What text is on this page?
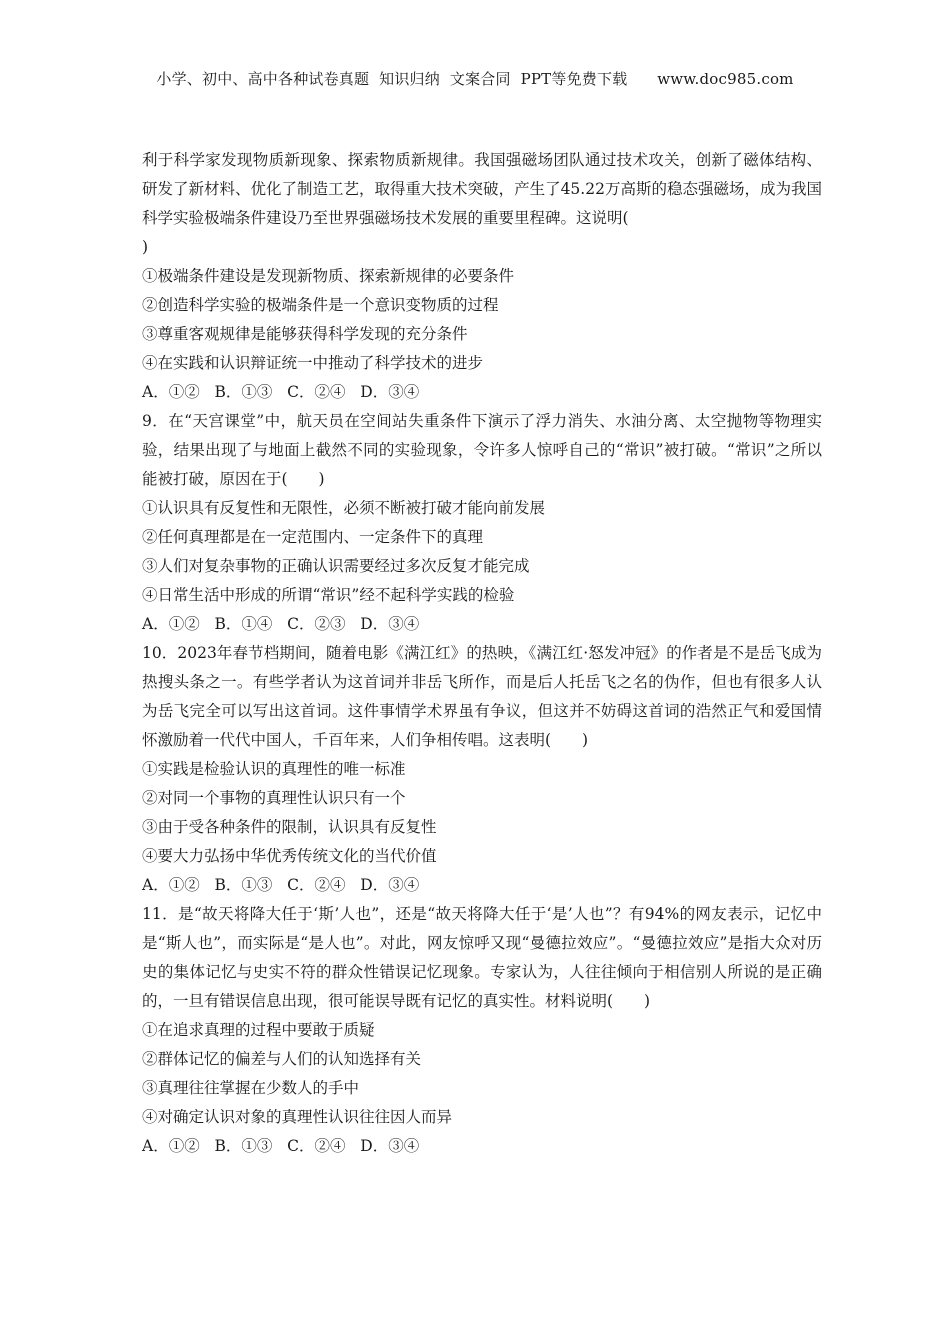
小学、初中、高中各种试卷真题  知识归纳  文案合同  PPT等免费下载      www.doc985.com

利于科学家发现物质新现象、探索物质新规律。我国强磁场团队通过技术攻关，创新了磁体结构、研发了新材料、优化了制造工艺，取得重大技术突破，产生了45.22万高斯的稳态强磁场，成为我国科学实验极端条件建设乃至世界强磁场技术发展的重要里程碑。这说明(

)

①极端条件建设是发现新物质、探索新规律的必要条件

②创造科学实验的极端条件是一个意识变物质的过程

③尊重客观规律是能够获得科学发现的充分条件

④在实践和认识辩证统一中推动了科学技术的进步

A．①②   B．①③   C．②④   D．③④

9．在“天宫课堂”中，航天员在空间站失重条件下演示了浮力消失、水油分离、太空抛物等物理实验，结果出现了与地面上截然不同的实验现象，令许多人惊呼自己的“常识”被打破。“常识”之所以能被打破，原因在于(　　)

①认识具有反复性和无限性，必须不断被打破才能向前发展

②任何真理都是在一定范围内、一定条件下的真理

③人们对复杂事物的正确认识需要经过多次反复才能完成

④日常生活中形成的所谓“常识”经不起科学实践的检验

A．①②   B．①④   C．②③   D．③④

10．2023年春节档期间，随着电影《满江红》的热映，《满江红·怒发冲冠》的作者是不是岳飞成为热搜头条之一。有些学者认为这首词并非岳飞所作，而是后人托岳飞之名的伪作，但也有很多人认为岳飞完全可以写出这首词。这件事情学术界虽有争议，但这并不妨碍这首词的浩然正气和爱国情怀激励着一代代中国人，千百年来，人们争相传唱。这表明(　　)

①实践是检验认识的真理性的唯一标准

②对同一个事物的真理性认识只有一个

③由于受各种条件的限制，认识具有反复性

④要大力弘扬中华优秀传统文化的当代价值

A．①②   B．①③   C．②④   D．③④

11．是“故天将降大任于‘斯’人也”，还是“故天将降大任于‘是’人也”？有94%的网友表示，记忆中是“斯人也”，而实际是“是人也”。对此，网友惊呼又现“曼德拉效应”。“曼德拉效应”是指大众对历史的集体记忆与史实不符的群众性错误记忆现象。专家认为，人往往倾向于相信别人所说的是正确的，一旦有错误信息出现，很可能误导既有记忆的真实性。材料说明(　　)

①在追求真理的过程中要敢于质疑

②群体记忆的偏差与人们的认知选择有关

③真理往往掌握在少数人的手中

④对确定认识对象的真理性认识往往因人而异

A．①②   B．①③   C．②④   D．③④
